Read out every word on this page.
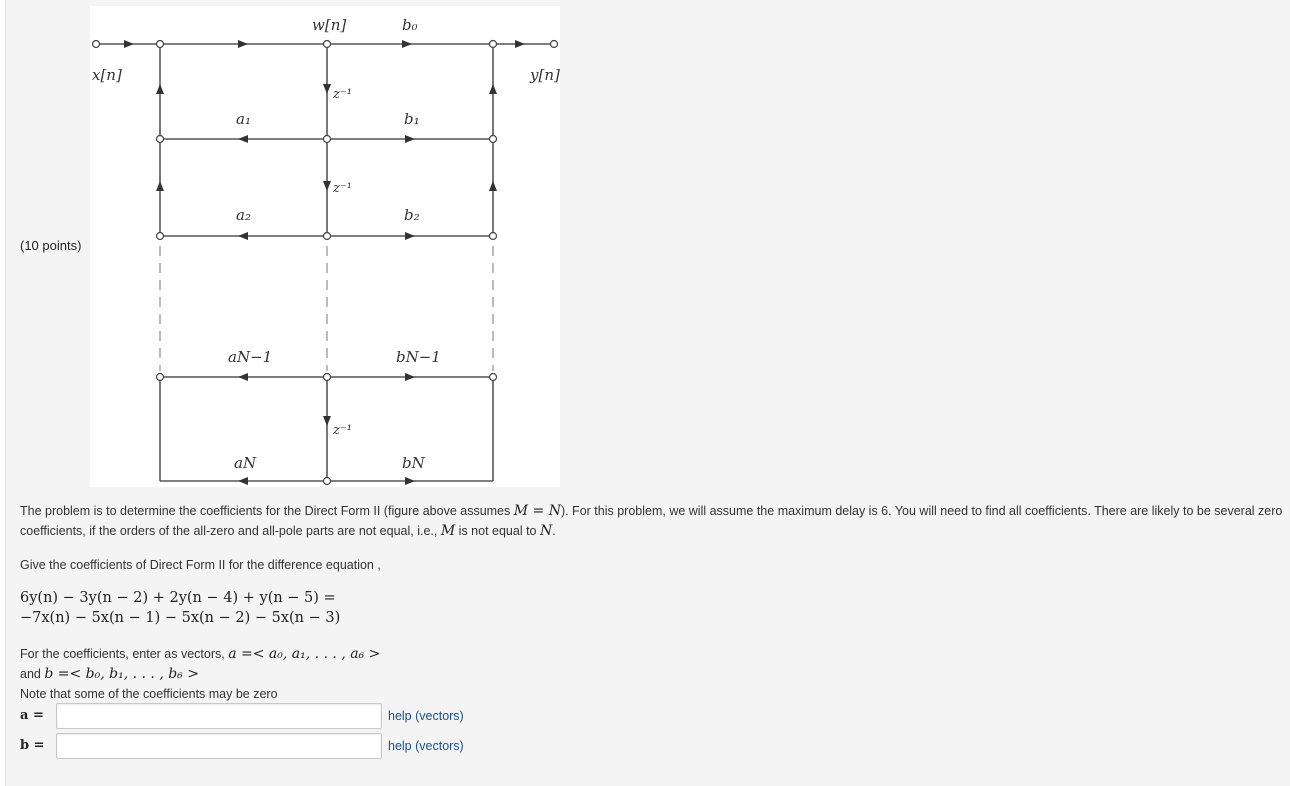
(10 points)
w[n]	b₀
x[n]	y[n]
a₁	b₁
a₂	b₂
aN−1	bN−1
aN	bN
z⁻¹
z⁻¹
z⁻¹
The problem is to determine the coefficients for the Direct Form II (figure above assumes M = N). For this problem, we will assume the maximum delay is 6. You will need to find all coefficients. There are likely to be several zero coefficients, if the orders of the all-zero and all-pole parts are not equal, i.e., M is not equal to N.
Give the coefficients of Direct Form II for the difference equation ,
6y(n) − 3y(n − 2) + 2y(n − 4) + y(n − 5) =
−7x(n) − 5x(n − 1) − 5x(n − 2) − 5x(n − 3)
For the coefficients, enter as vectors, a =< a₀, a₁, . . . , a₆ >
and b =< b₀, b₁, . . . , b₆ >
Note that some of the coefficients may be zero
a =	help (vectors)
b =	help (vectors)
